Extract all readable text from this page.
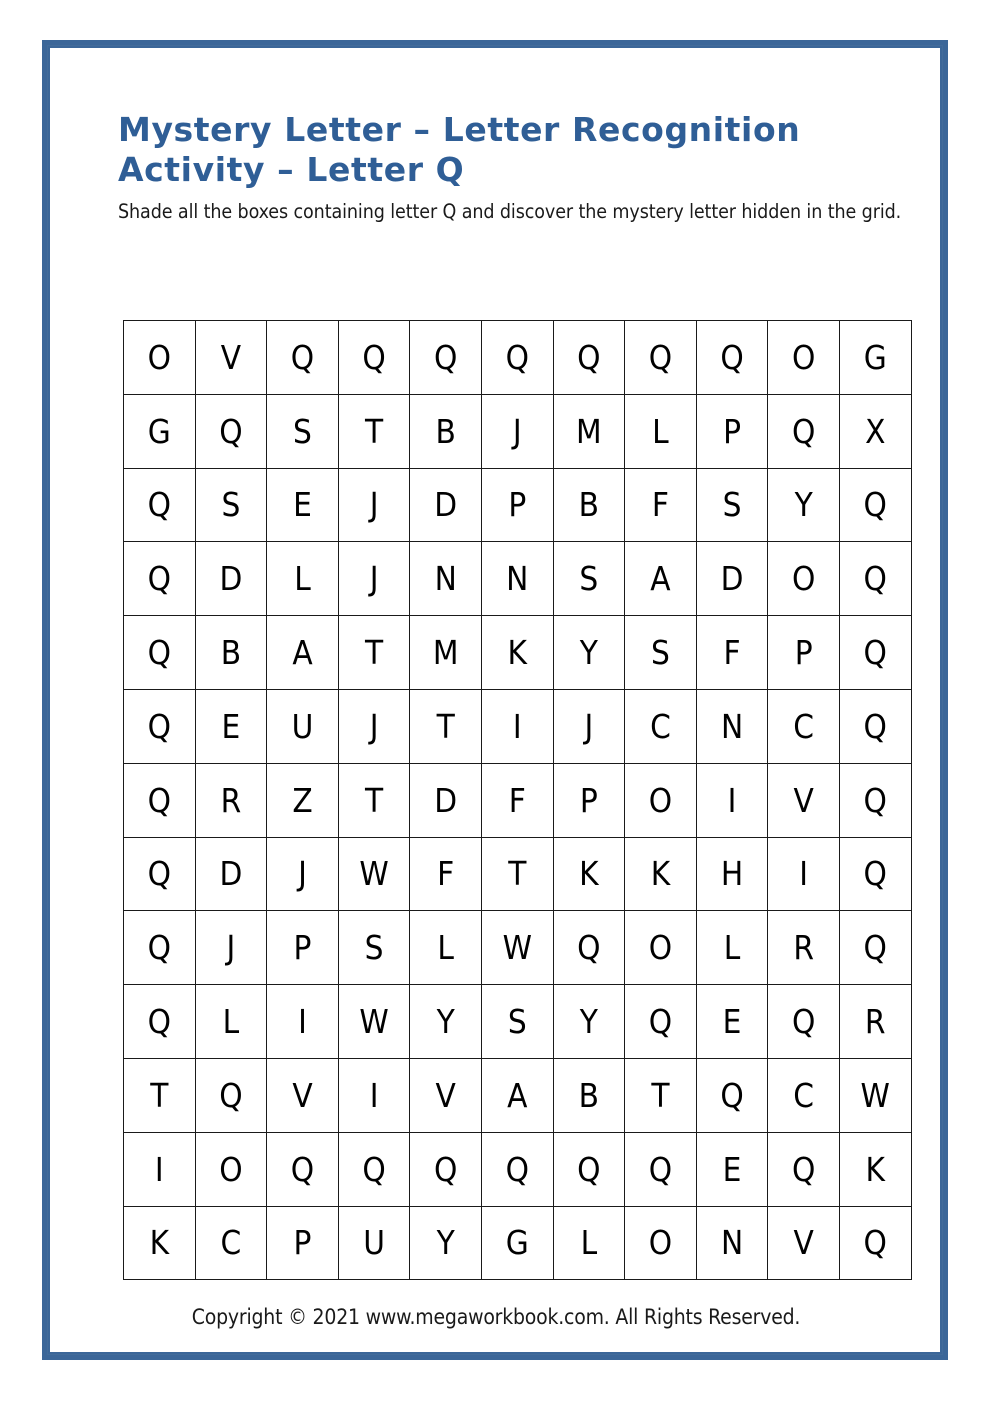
Mystery Letter – Letter Recognition Activity – Letter Q

Shade all the boxes containing letter Q and discover the mystery letter hidden in the grid.

O	V	Q	Q	Q	Q	Q	Q	Q	O	G
G	Q	S	T	B	J	M	L	P	Q	X
Q	S	E	J	D	P	B	F	S	Y	Q
Q	D	L	J	N	N	S	A	D	O	Q
Q	B	A	T	M	K	Y	S	F	P	Q
Q	E	U	J	T	I	J	C	N	C	Q
Q	R	Z	T	D	F	P	O	I	V	Q
Q	D	J	W	F	T	K	K	H	I	Q
Q	J	P	S	L	W	Q	O	L	R	Q
Q	L	I	W	Y	S	Y	Q	E	Q	R
T	Q	V	I	V	A	B	T	Q	C	W
I	O	Q	Q	Q	Q	Q	Q	E	Q	K
K	C	P	U	Y	G	L	O	N	V	Q
Copyright © 2021 www.megaworkbook.com. All Rights Reserved.
